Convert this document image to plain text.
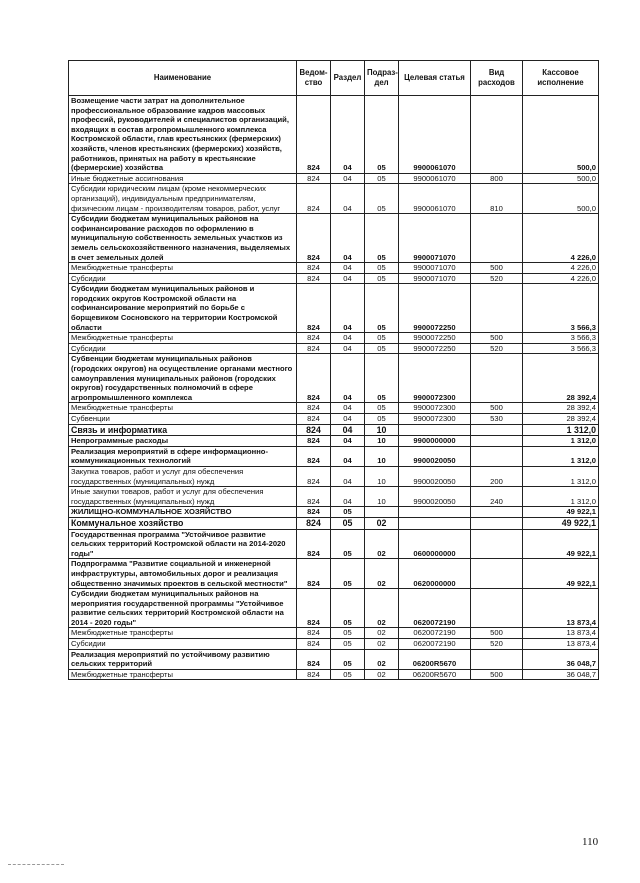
Наименование	Ведом-ство	Раздел	Подраз-дел	Целевая статья	Вид расходов	Кассовое исполнение
Возмещение части затрат на дополнительное профессиональное образование кадров массовых профессий, руководителей и специалистов организаций, входящих в состав агропромышленного комплекса Костромской области, глав крестьянских (фермерских) хозяйств, членов крестьянских (фермерских) хозяйств, работников, принятых на работу в крестьянские (фермерские) хозяйства	824	04	05	9900061070		500,0
Иные бюджетные ассигнования	824	04	05	9900061070	800	500,0
Субсидии юридическим лицам (кроме некоммерческих организаций), индивидуальным предпринимателям, физическим лицам - производителям товаров, работ, услуг	824	04	05	9900061070	810	500,0
Субсидии бюджетам муниципальных районов на софинансирование расходов по оформлению в муниципальную собственность земельных участков из земель сельскохозяйственного назначения, выделяемых в счет земельных долей	824	04	05	9900071070		4 226,0
Межбюджетные трансферты	824	04	05	9900071070	500	4 226,0
Субсидии	824	04	05	9900071070	520	4 226,0
Субсидии бюджетам муниципальных районов и городских округов Костромской области на софинансирование мероприятий по борьбе с борщевиком Сосновского на территории Костромской области	824	04	05	9900072250		3 566,3
Межбюджетные трансферты	824	04	05	9900072250	500	3 566,3
Субсидии	824	04	05	9900072250	520	3 566,3
Субвенции бюджетам муниципальных районов (городских округов) на осуществление органами местного самоуправления муниципальных районов (городских округов) государственных полномочий в сфере агропромышленного комплекса	824	04	05	9900072300		28 392,4
Межбюджетные трансферты	824	04	05	9900072300	500	28 392,4
Субвенции	824	04	05	9900072300	530	28 392,4
Связь и информатика	824	04	10			1 312,0
Непрограммные расходы	824	04	10	9900000000		1 312,0
Реализация мероприятий в сфере информационно-коммуникационных технологий	824	04	10	9900020050		1 312,0
Закупка товаров, работ и услуг для обеспечения государственных (муниципальных) нужд	824	04	10	9900020050	200	1 312,0
Иные закупки товаров, работ и услуг для обеспечения государственных (муниципальных) нужд	824	04	10	9900020050	240	1 312,0
ЖИЛИЩНО-КОММУНАЛЬНОЕ ХОЗЯЙСТВО	824	05				49 922,1
Коммунальное хозяйство	824	05	02			49 922,1
Государственная программа "Устойчивое развитие сельских территорий Костромской области на 2014-2020 годы"	824	05	02	0600000000		49 922,1
Подпрограмма "Развитие социальной и инженерной инфраструктуры, автомобильных дорог и реализация общественно значимых проектов в сельской местности"	824	05	02	0620000000		49 922,1
Субсидии бюджетам муниципальных районов на мероприятия государственной программы "Устойчивое развитие сельских территорий Костромской области на 2014 - 2020 годы"	824	05	02	0620072190		13 873,4
Межбюджетные трансферты	824	05	02	0620072190	500	13 873,4
Субсидии	824	05	02	0620072190	520	13 873,4
Реализация мероприятий по устойчивому развитию сельских территорий	824	05	02	06200R5670		36 048,7
Межбюджетные трансферты	824	05	02	06200R5670	500	36 048,7
110
